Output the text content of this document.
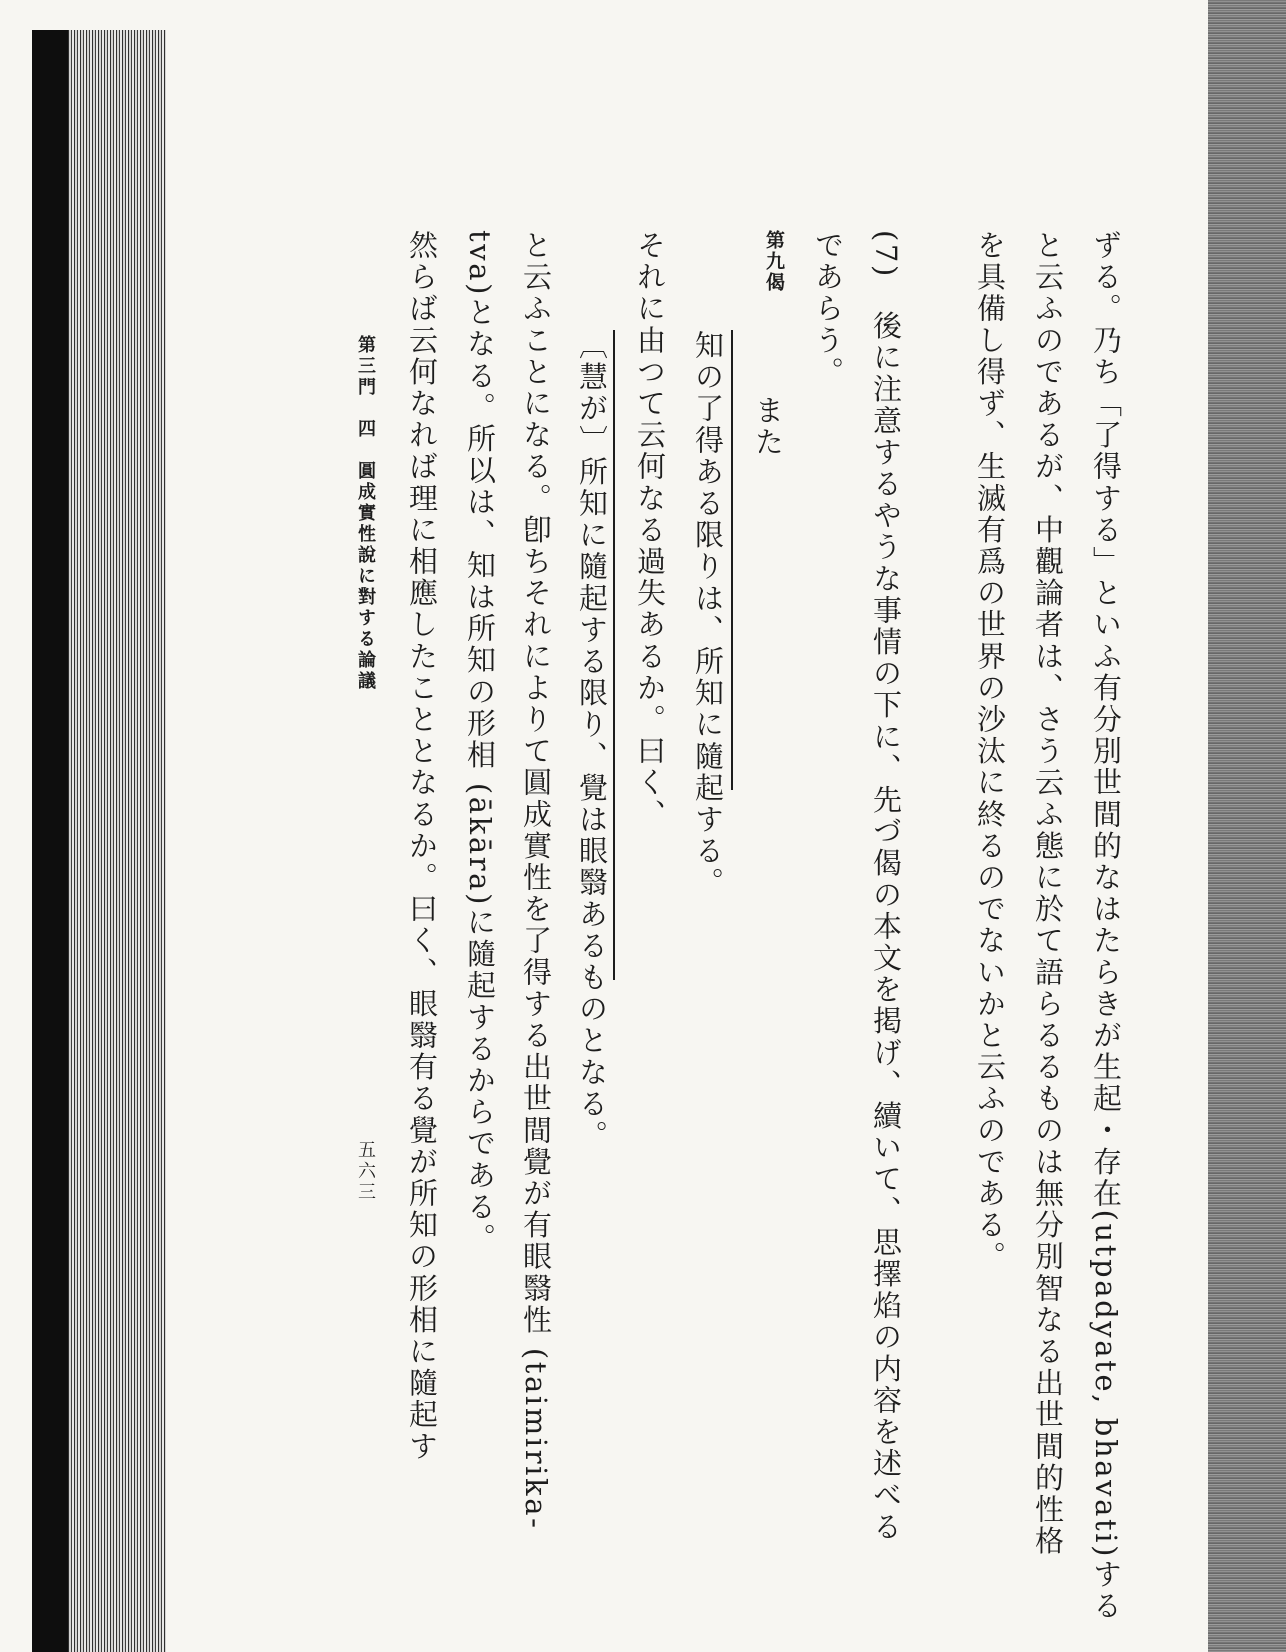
ずる。乃ち「了得する」といふ有分別世間的なはたらきが生起・存在(utpadyate, bhavati)する
と云ふのであるが、中觀論者は、さう云ふ態に於て語らるるものは無分別智なる出世間的性格
を具備し得ず、生滅有爲の世界の沙汰に終るのでないかと云ふのである。
(7)　後に注意するやうな事情の下に、先づ偈の本文を掲げ、續いて、思擇焰の内容を述べる
であらう。
第九偈
また
知の了得ある限りは、所知に隨起する。
それに由つて云何なる過失あるか。曰く、
〔慧が〕所知に隨起する限り、覺は眼翳あるものとなる。
と云ふことになる。卽ちそれによりて圓成實性を了得する出世間覺が有眼翳性 (taimirika-
tva)となる。所以は、知は所知の形相 (ākāra)に隨起するからである。
然らば云何なれば理に相應したこととなるか。曰く、眼翳有る覺が所知の形相に隨起す
第三門　四　圓成實性說に對する論議
五六三
